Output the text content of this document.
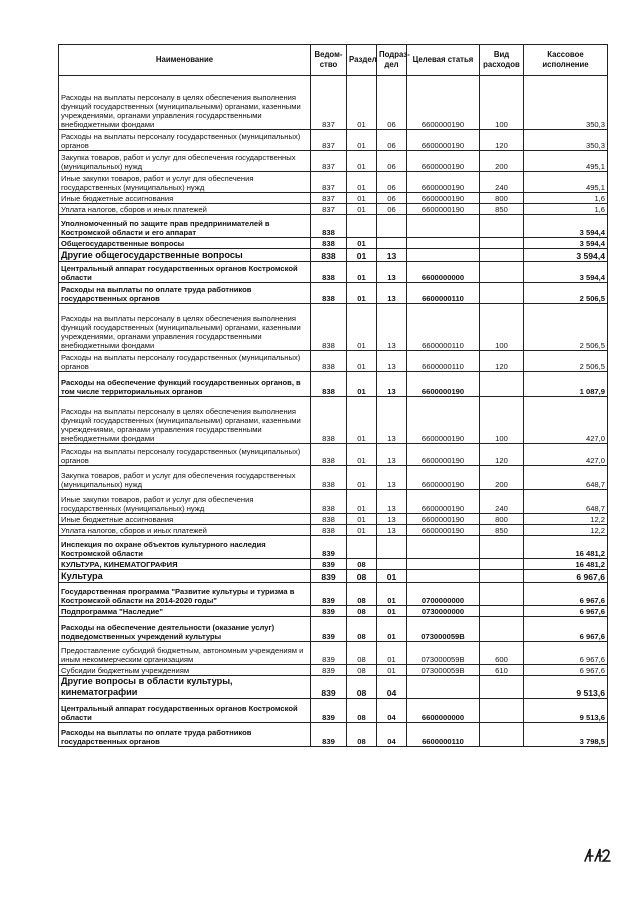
Наименование	Ведом-ство	Раздел	Подраз-дел	Целевая статья	Вид расходов	Кассовое исполнение
Расходы на выплаты персоналу в целях обеспечения выполнения функций государственных (муниципальными) органами, казенными учреждениями, органами управления государственными внебюджетными фондами	837	01	06	6600000190	100	350,3
Расходы на выплаты персоналу государственных (муниципальных) органов	837	01	06	6600000190	120	350,3
Закупка товаров, работ и услуг для обеспечения государственных (муниципальных) нужд	837	01	06	6600000190	200	495,1
Иные закупки товаров, работ и услуг для обеспечения государственных (муниципальных) нужд	837	01	06	6600000190	240	495,1
Иные бюджетные ассигнования	837	01	06	6600000190	800	1,6
Уплата налогов, сборов и иных платежей	837	01	06	6600000190	850	1,6
Уполномоченный по защите прав предпринимателей в Костромской области и его аппарат	838					3 594,4
Общегосударственные вопросы	838	01				3 594,4
Другие общегосударственные вопросы	838	01	13			3 594,4
Центральный аппарат государственных органов Костромской области	838	01	13	6600000000		3 594,4
Расходы на выплаты по оплате труда работников государственных органов	838	01	13	6600000110		2 506,5
Расходы на выплаты персоналу в целях обеспечения выполнения функций государственных (муниципальными) органами, казенными учреждениями, органами управления государственными внебюджетными фондами	838	01	13	6600000110	100	2 506,5
Расходы на выплаты персоналу государственных (муниципальных) органов	838	01	13	6600000110	120	2 506,5
Расходы на обеспечение функций государственных органов, в том числе территориальных органов	838	01	13	6600000190		1 087,9
Расходы на выплаты персоналу в целях обеспечения выполнения функций государственных (муниципальными) органами, казенными учреждениями, органами управления государственными внебюджетными фондами	838	01	13	6600000190	100	427,0
Расходы на выплаты персоналу государственных (муниципальных) органов	838	01	13	6600000190	120	427,0
Закупка товаров, работ и услуг для обеспечения государственных (муниципальных) нужд	838	01	13	6600000190	200	648,7
Иные закупки товаров, работ и услуг для обеспечения государственных (муниципальных) нужд	838	01	13	6600000190	240	648,7
Иные бюджетные ассигнования	838	01	13	6600000190	800	12,2
Уплата налогов, сборов и иных платежей	838	01	13	6600000190	850	12,2
Инспекция по охране объектов культурного наследия Костромской области	839					16 481,2
КУЛЬТУРА, КИНЕМАТОГРАФИЯ	839	08				16 481,2
Культура	839	08	01			6 967,6
Государственная программа "Развитие культуры и туризма в Костромской области на 2014-2020 годы"	839	08	01	0700000000		6 967,6
Подпрограмма "Наследие"	839	08	01	0730000000		6 967,6
Расходы на обеспечение деятельности (оказание услуг) подведомственных учреждений культуры	839	08	01	073000059В		6 967,6
Предоставление субсидий бюджетным, автономным учреждениям и иным некоммерческим организациям	839	08	01	073000059В	600	6 967,6
Субсидии бюджетным учреждениям	839	08	01	073000059В	610	6 967,6
Другие вопросы в области культуры, кинематографии	839	08	04			9 513,6
Центральный аппарат государственных органов Костромской области	839	08	04	6600000000		9 513,6
Расходы на выплаты по оплате труда работников государственных органов	839	08	04	6600000110		3 798,5
